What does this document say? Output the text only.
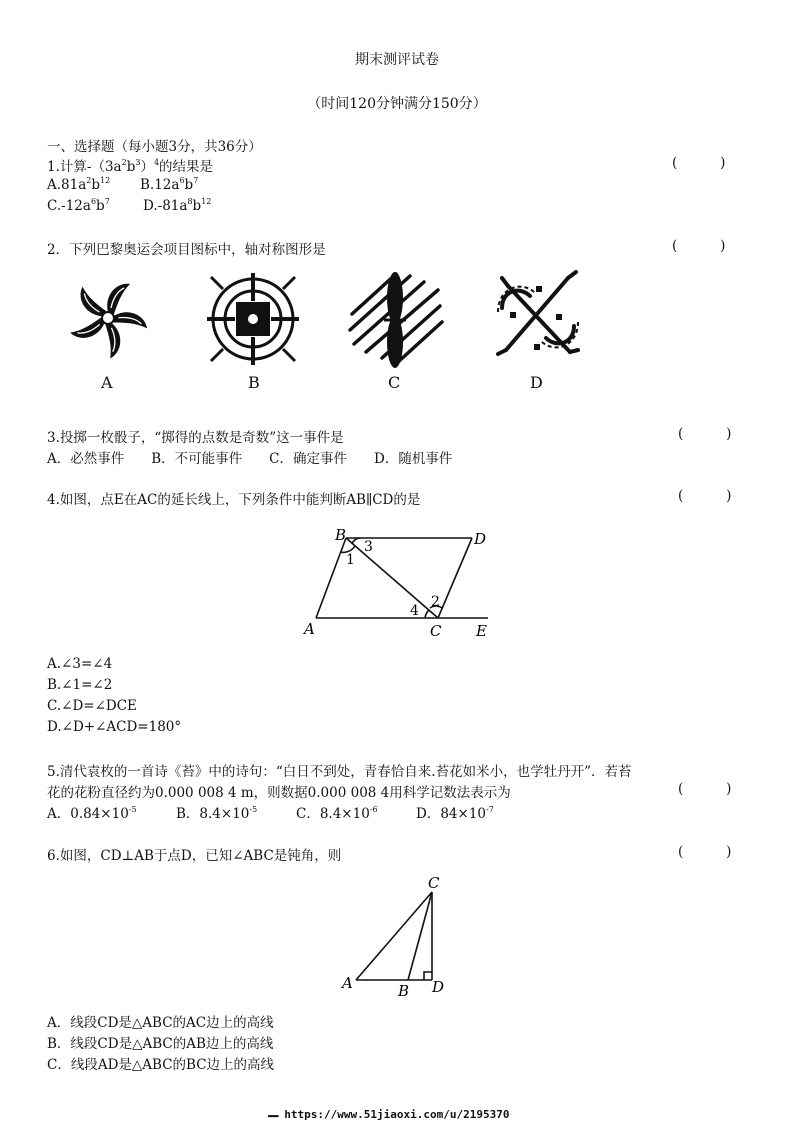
期末测评试卷
（时间120分钟满分150分）
一、选择题（每小题3分，共36分）
1.计算$-(3a^2b^3)^4$的结果是	(          )
$A.81a^2b^{12}$ $B.12a^6b^7$
$C.-12a^6b^7$ $D.-81a^8b^{12}$
2．下列巴黎奥运会项目图标中，轴对称图形是	(          )
A	B	C	D
3.投掷一枚骰子，“掷得的点数是奇数”这一事件是	(          )
A．必然事件　　B．不可能事件　　C．确定事件　　D．随机事件
4.如图，点E在AC的延长线上，下列条件中能判断AB∥CD的是	(          )
B	D
A	C E
1
2
3
4
A.∠3=∠4
B.∠1=∠2
C.∠D=∠DCE
D.∠D+∠ACD=180°
5.清代袁枚的一首诗《苔》中的诗句：“白日不到处，青春恰自来.苔花如米小，也学牡丹开”．若苔
花的花粉直径约为0.000 008 4 m，则数据0.000 008 4用科学记数法表示为	(          )
A．$0.84\times 10^{-5}$	B．$8.4\times 10^{-5}$	C．$8.4\times 10^{-6}$	D．$84\times 10^{-7}$
6.如图，CD⊥AB于点D，已知∠ABC是钝角，则	(          )
C
A	B D
A．线段CD是△ABC的AC边上的高线
B．线段CD是△ABC的AB边上的高线
C．线段AD是△ABC的BC边上的高线
▬▬▬ https://www.51jiaoxi.com/u/2195370
